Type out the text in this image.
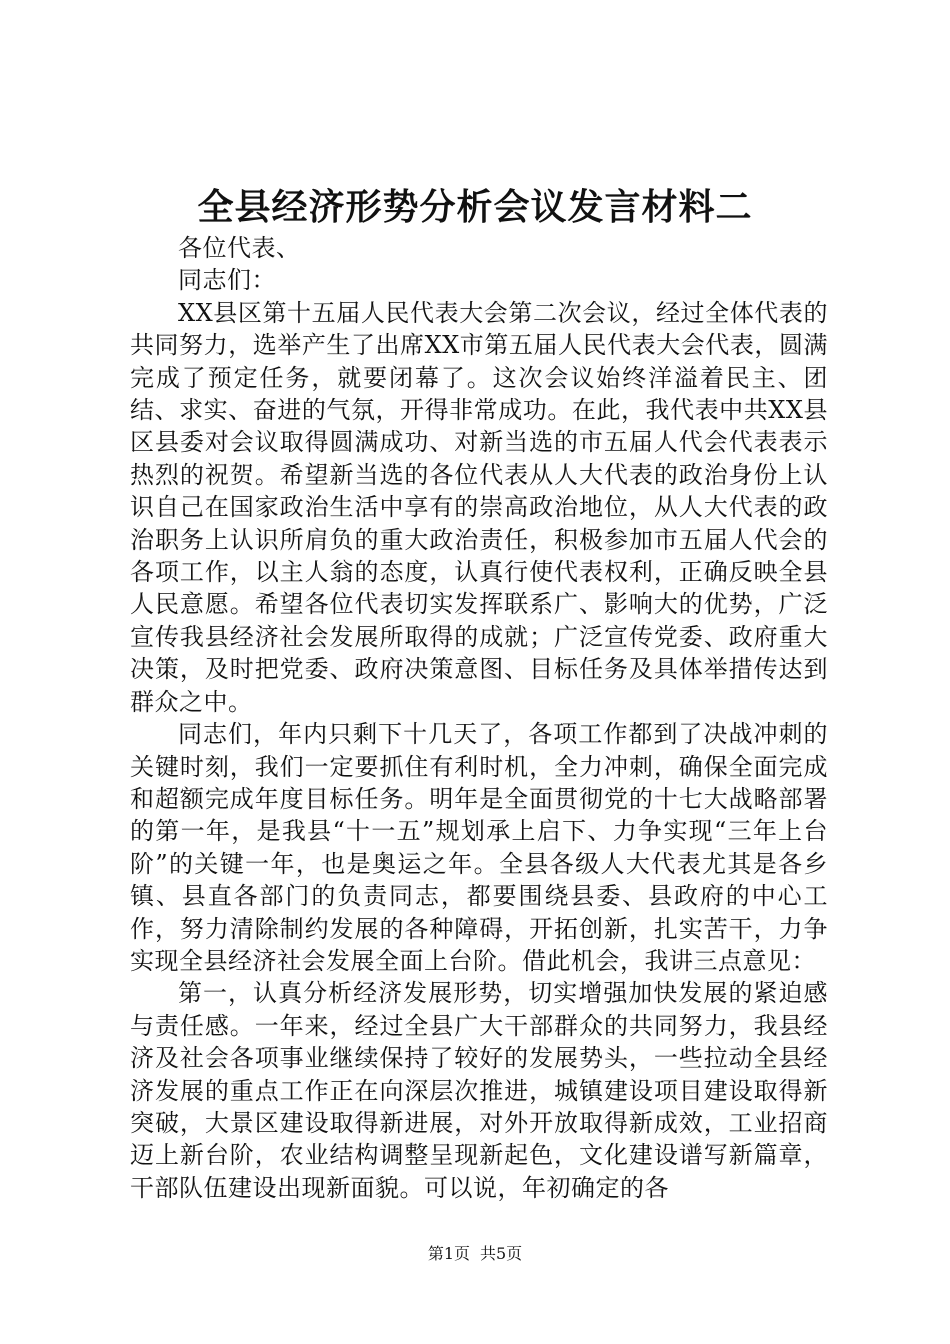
全县经济形势分析会议发言材料二

各位代表、

同志们：

XX县区第十五届人民代表大会第二次会议，经过全体代表的共同努力，选举产生了出席XX市第五届人民代表大会代表，圆满完成了预定任务，就要闭幕了。这次会议始终洋溢着民主、团结、求实、奋进的气氛，开得非常成功。在此，我代表中共XX县区县委对会议取得圆满成功、对新当选的市五届人代会代表表示热烈的祝贺。希望新当选的各位代表从人大代表的政治身份上认识自己在国家政治生活中享有的崇高政治地位，从人大代表的政治职务上认识所肩负的重大政治责任，积极参加市五届人代会的各项工作，以主人翁的态度，认真行使代表权利，正确反映全县人民意愿。希望各位代表切实发挥联系广、影响大的优势，广泛宣传我县经济社会发展所取得的成就；广泛宣传党委、政府重大决策，及时把党委、政府决策意图、目标任务及具体举措传达到群众之中。

同志们，年内只剩下十几天了，各项工作都到了决战冲刺的关键时刻，我们一定要抓住有利时机，全力冲刺，确保全面完成和超额完成年度目标任务。明年是全面贯彻党的十七大战略部署的第一年，是我县“十一五”规划承上启下、力争实现“三年上台阶”的关键一年，也是奥运之年。全县各级人大代表尤其是各乡镇、县直各部门的负责同志，都要围绕县委、县政府的中心工作，努力清除制约发展的各种障碍，开拓创新，扎实苦干，力争实现全县经济社会发展全面上台阶。借此机会，我讲三点意见：

第一，认真分析经济发展形势，切实增强加快发展的紧迫感与责任感。一年来，经过全县广大干部群众的共同努力，我县经济及社会各项事业继续保持了较好的发展势头，一些拉动全县经济发展的重点工作正在向深层次推进，城镇建设项目建设取得新突破，大景区建设取得新进展，对外开放取得新成效，工业招商迈上新台阶，农业结构调整呈现新起色，文化建设谱写新篇章，干部队伍建设出现新面貌。可以说，年初确定的各

第1页 共5页
